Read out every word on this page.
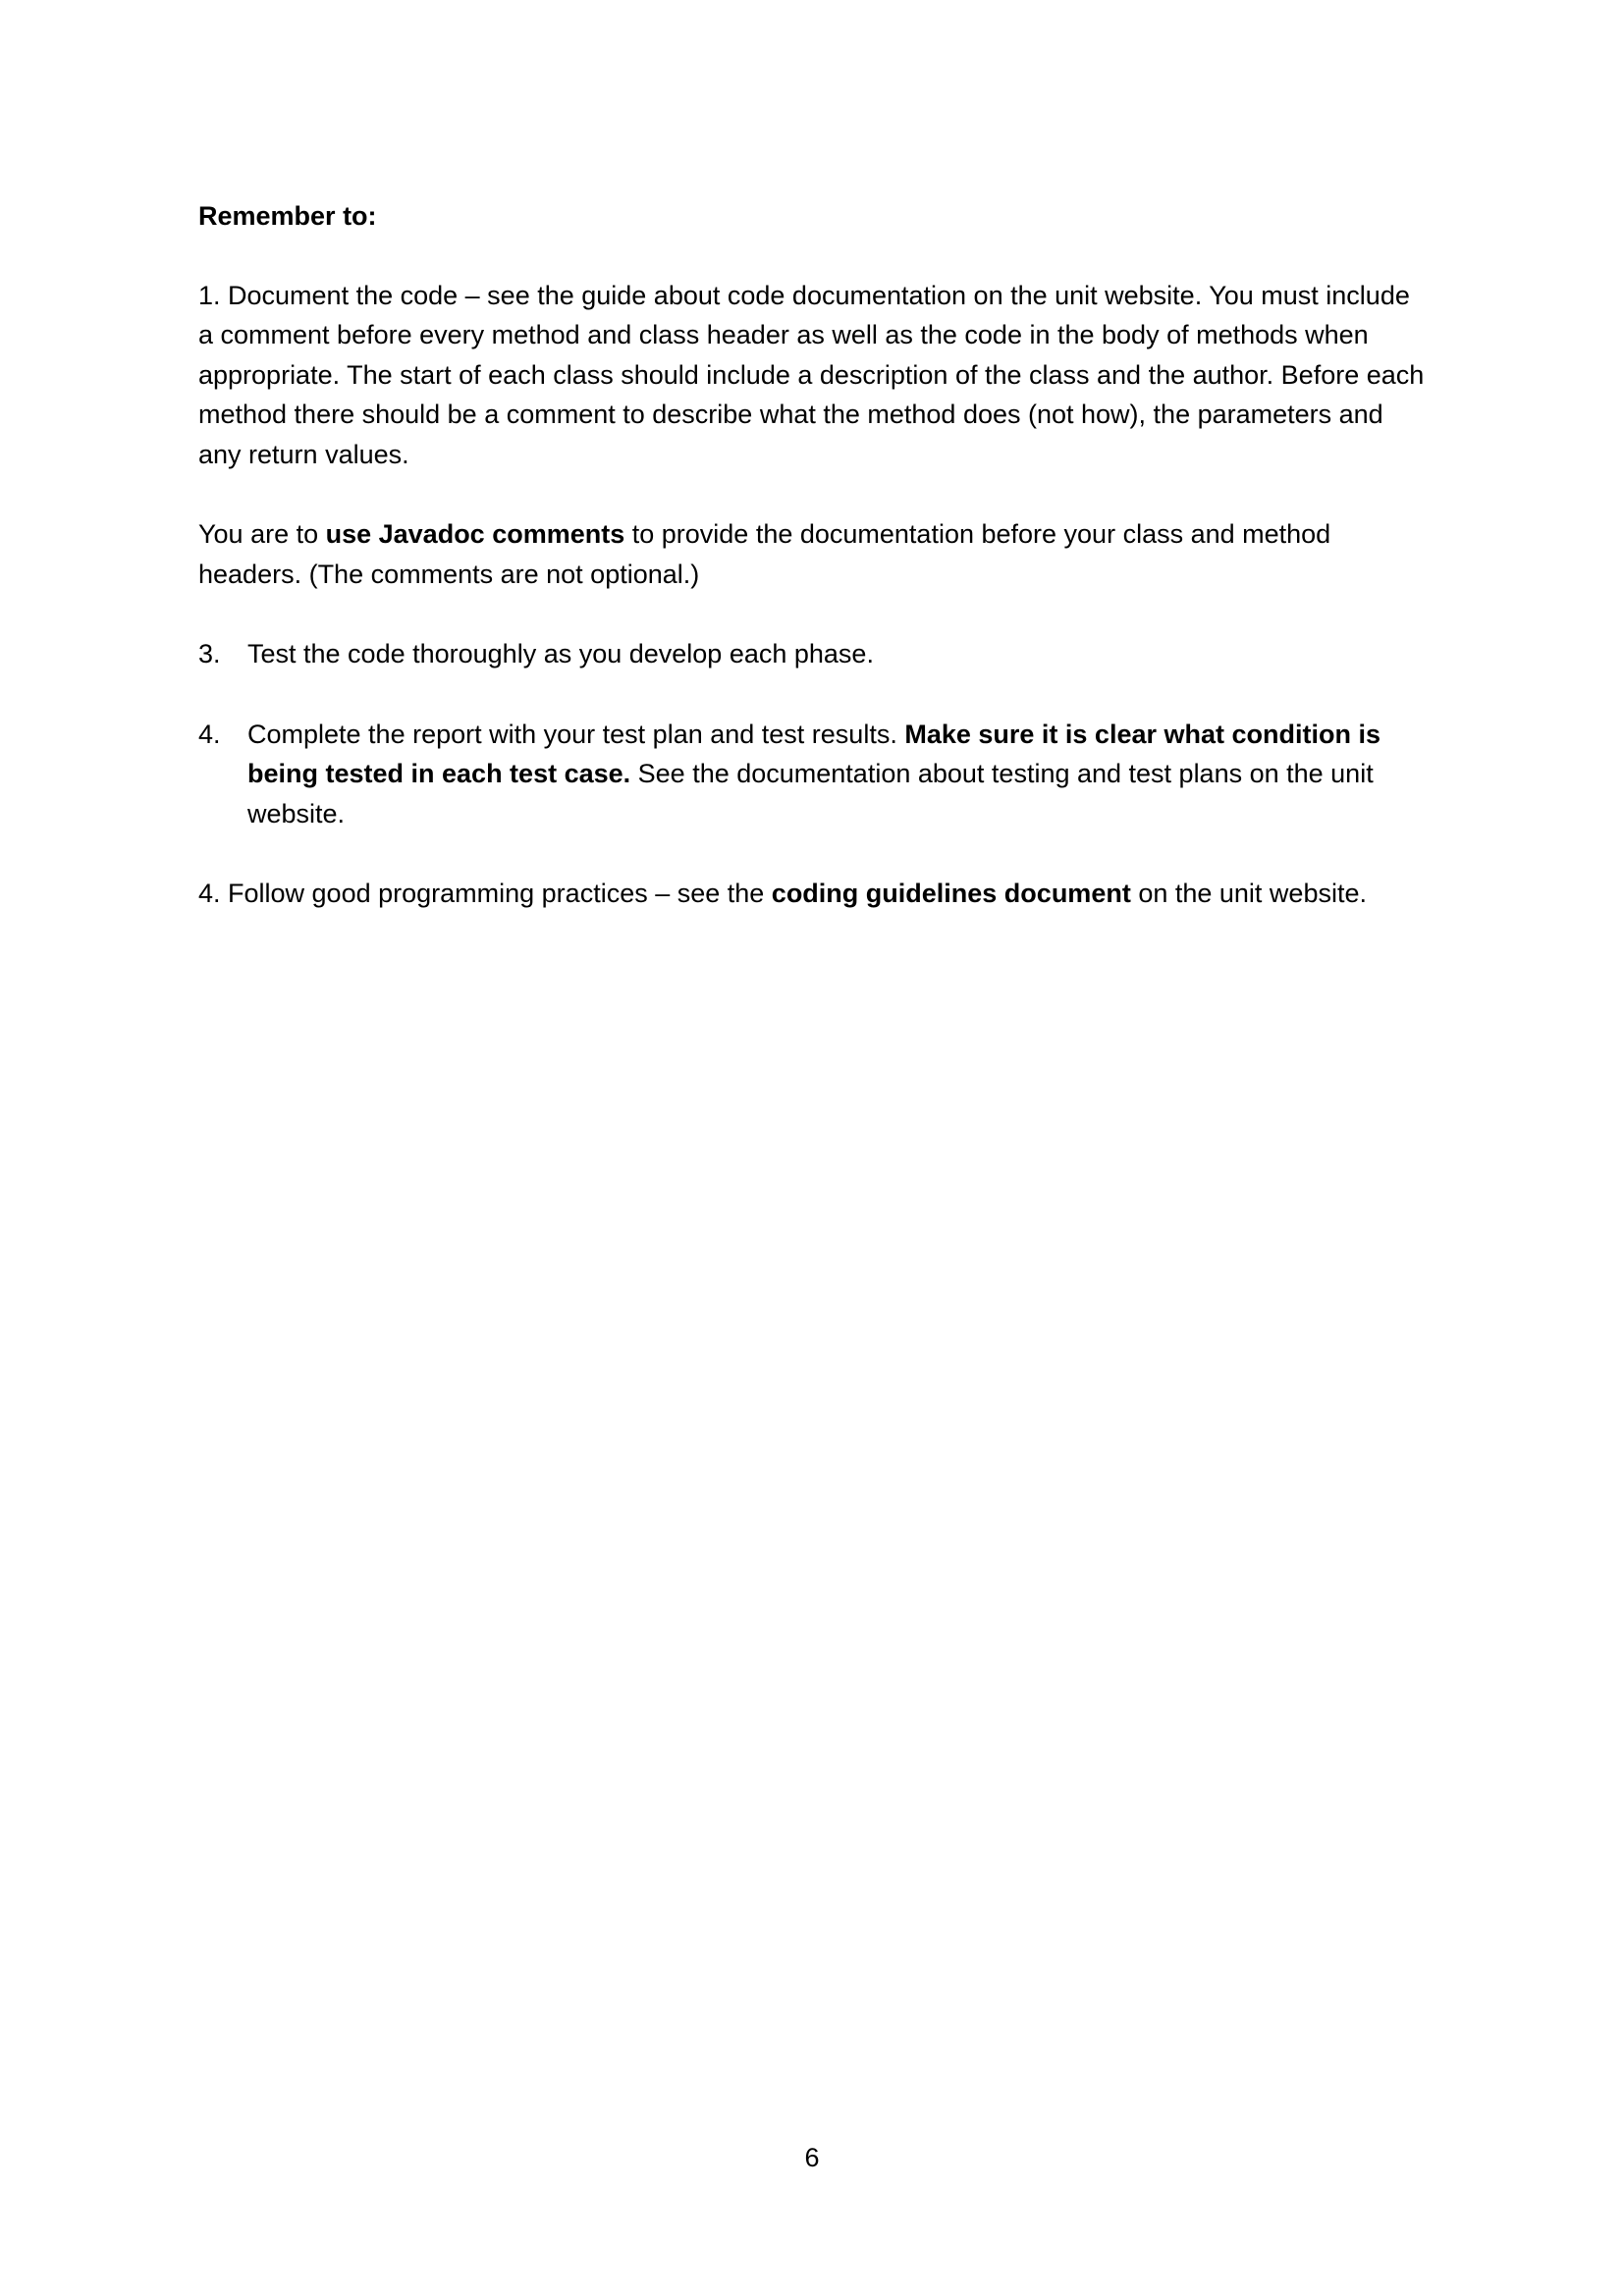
Remember to:

1. Document the code – see the guide about code documentation on the unit website. You must include a comment before every method and class header as well as the code in the body of methods when appropriate. The start of each class should include a description of the class and the author. Before each method there should be a comment to describe what the method does (not how), the parameters and any return values.

You are to use Javadoc comments to provide the documentation before your class and method headers. (The comments are not optional.)

3. Test the code thoroughly as you develop each phase.
4. Complete the report with your test plan and test results. Make sure it is clear what condition is being tested in each test case. See the documentation about testing and test plans on the unit website.

4. Follow good programming practices – see the coding guidelines document on the unit website.

6
